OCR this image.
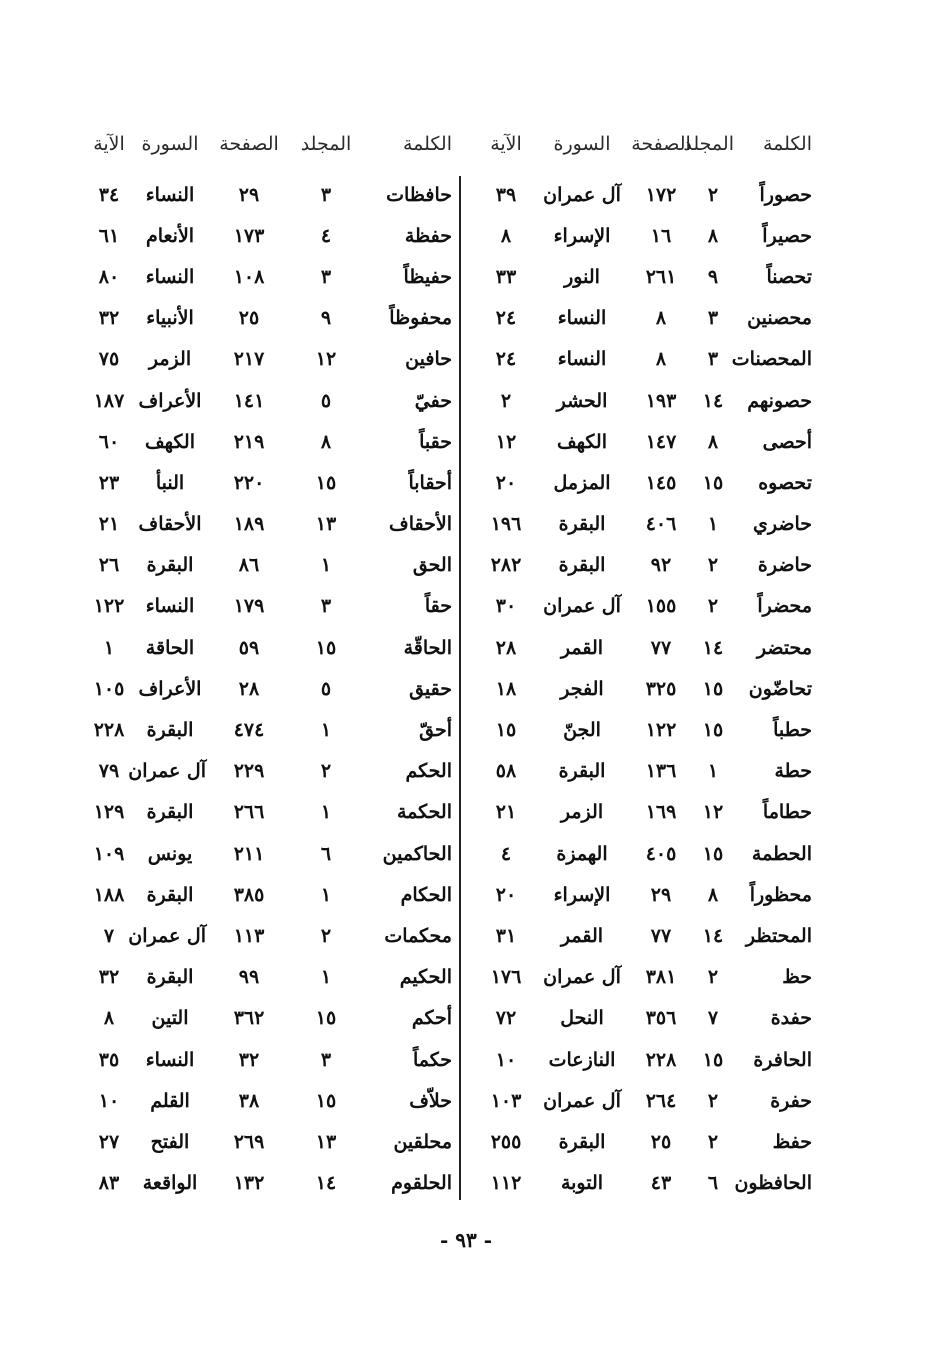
الكلمة
المجلد
الصفحة
السورة
الآية
حصوراً
٢
١٧٢
آل عمران
٣٩
حصيراً
٨
١٦
الإسراء
٨
تحصناً
٩
٢٦١
النور
٣٣
محصنين
٣
٨
النساء
٢٤
المحصنات
٣
٨
النساء
٢٤
حصونهم
١٤
١٩٣
الحشر
٢
أحصى
٨
١٤٧
الكهف
١٢
تحصوه
١٥
١٤٥
المزمل
٢٠
حاضري
١
٤٠٦
البقرة
١٩٦
حاضرة
٢
٩٢
البقرة
٢٨٢
محضراً
٢
١٥٥
آل عمران
٣٠
محتضر
١٤
٧٧
القمر
٢٨
تحاضّون
١٥
٣٢٥
الفجر
١٨
حطباً
١٥
١٢٢
الجنّ
١٥
حطة
١
١٣٦
البقرة
٥٨
حطاماً
١٢
١٦٩
الزمر
٢١
الحطمة
١٥
٤٠٥
الهمزة
٤
محظوراً
٨
٢٩
الإسراء
٢٠
المحتظر
١٤
٧٧
القمر
٣١
حظ
٢
٣٨١
آل عمران
١٧٦
حفدة
٧
٣٥٦
النحل
٧٢
الحافرة
١٥
٢٢٨
النازعات
١٠
حفرة
٢
٢٦٤
آل عمران
١٠٣
حفظ
٢
٢٥
البقرة
٢٥٥
الحافظون
٦
٤٣
التوبة
١١٢
الكلمة
المجلد
الصفحة
السورة
الآية
حافظات
٣
٢٩
النساء
٣٤
حفظة
٤
١٧٣
الأنعام
٦١
حفيظاً
٣
١٠٨
النساء
٨٠
محفوظاً
٩
٢٥
الأنبياء
٣٢
حافين
١٢
٢١٧
الزمر
٧٥
حفيّ
٥
١٤١
الأعراف
١٨٧
حقباً
٨
٢١٩
الكهف
٦٠
أحقاباً
١٥
٢٢٠
النبأ
٢٣
الأحقاف
١٣
١٨٩
الأحقاف
٢١
الحق
١
٨٦
البقرة
٢٦
حقاً
٣
١٧٩
النساء
١٢٢
الحاقّة
١٥
٥٩
الحاقة
١
حقيق
٥
٢٨
الأعراف
١٠٥
أحقّ
١
٤٧٤
البقرة
٢٢٨
الحكم
٢
٢٢٩
آل عمران
٧٩
الحكمة
١
٢٦٦
البقرة
١٢٩
الحاكمين
٦
٢١١
يونس
١٠٩
الحكام
١
٣٨٥
البقرة
١٨٨
محكمات
٢
١١٣
آل عمران
٧
الحكيم
١
٩٩
البقرة
٣٢
أحكم
١٥
٣٦٢
التين
٨
حكماً
٣
٣٢
النساء
٣٥
حلاّف
١٥
٣٨
القلم
١٠
محلقين
١٣
٢٦٩
الفتح
٢٧
الحلقوم
١٤
١٣٢
الواقعة
٨٣
- ٩٣ -
